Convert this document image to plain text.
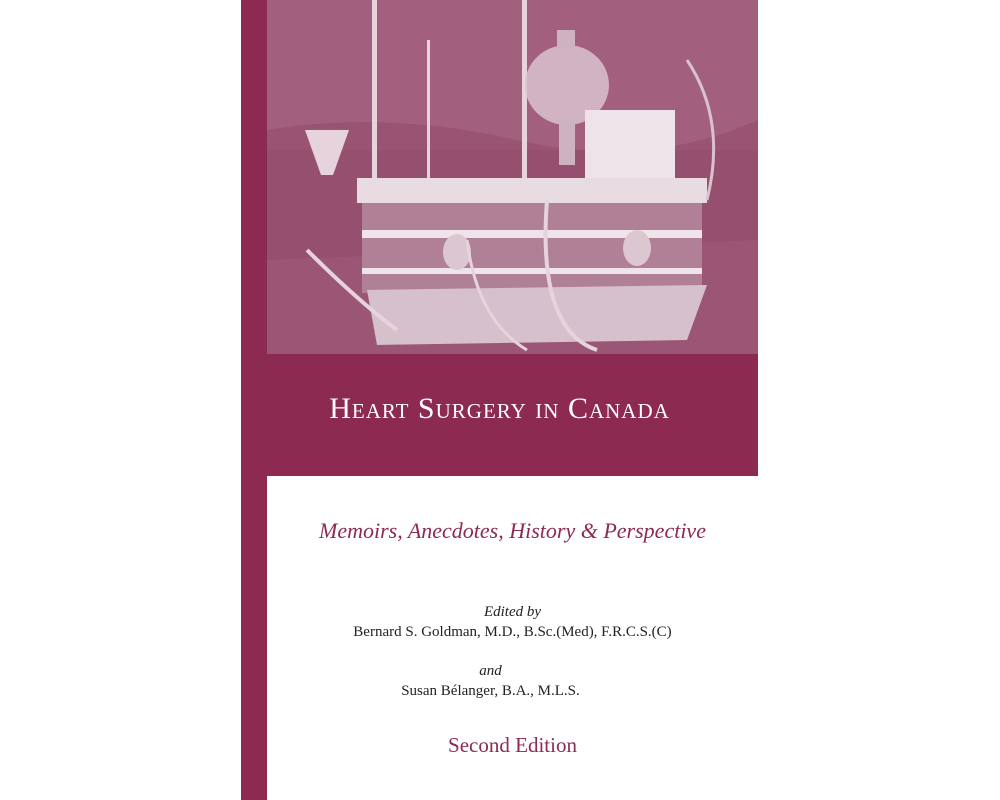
Heart Surgery in Canada
Memoirs, Anecdotes, History & Perspective
Edited by
Bernard S. Goldman, M.D., B.Sc.(Med), F.R.C.S.(C)
and
Susan Bélanger, B.A., M.L.S.
Second Edition
